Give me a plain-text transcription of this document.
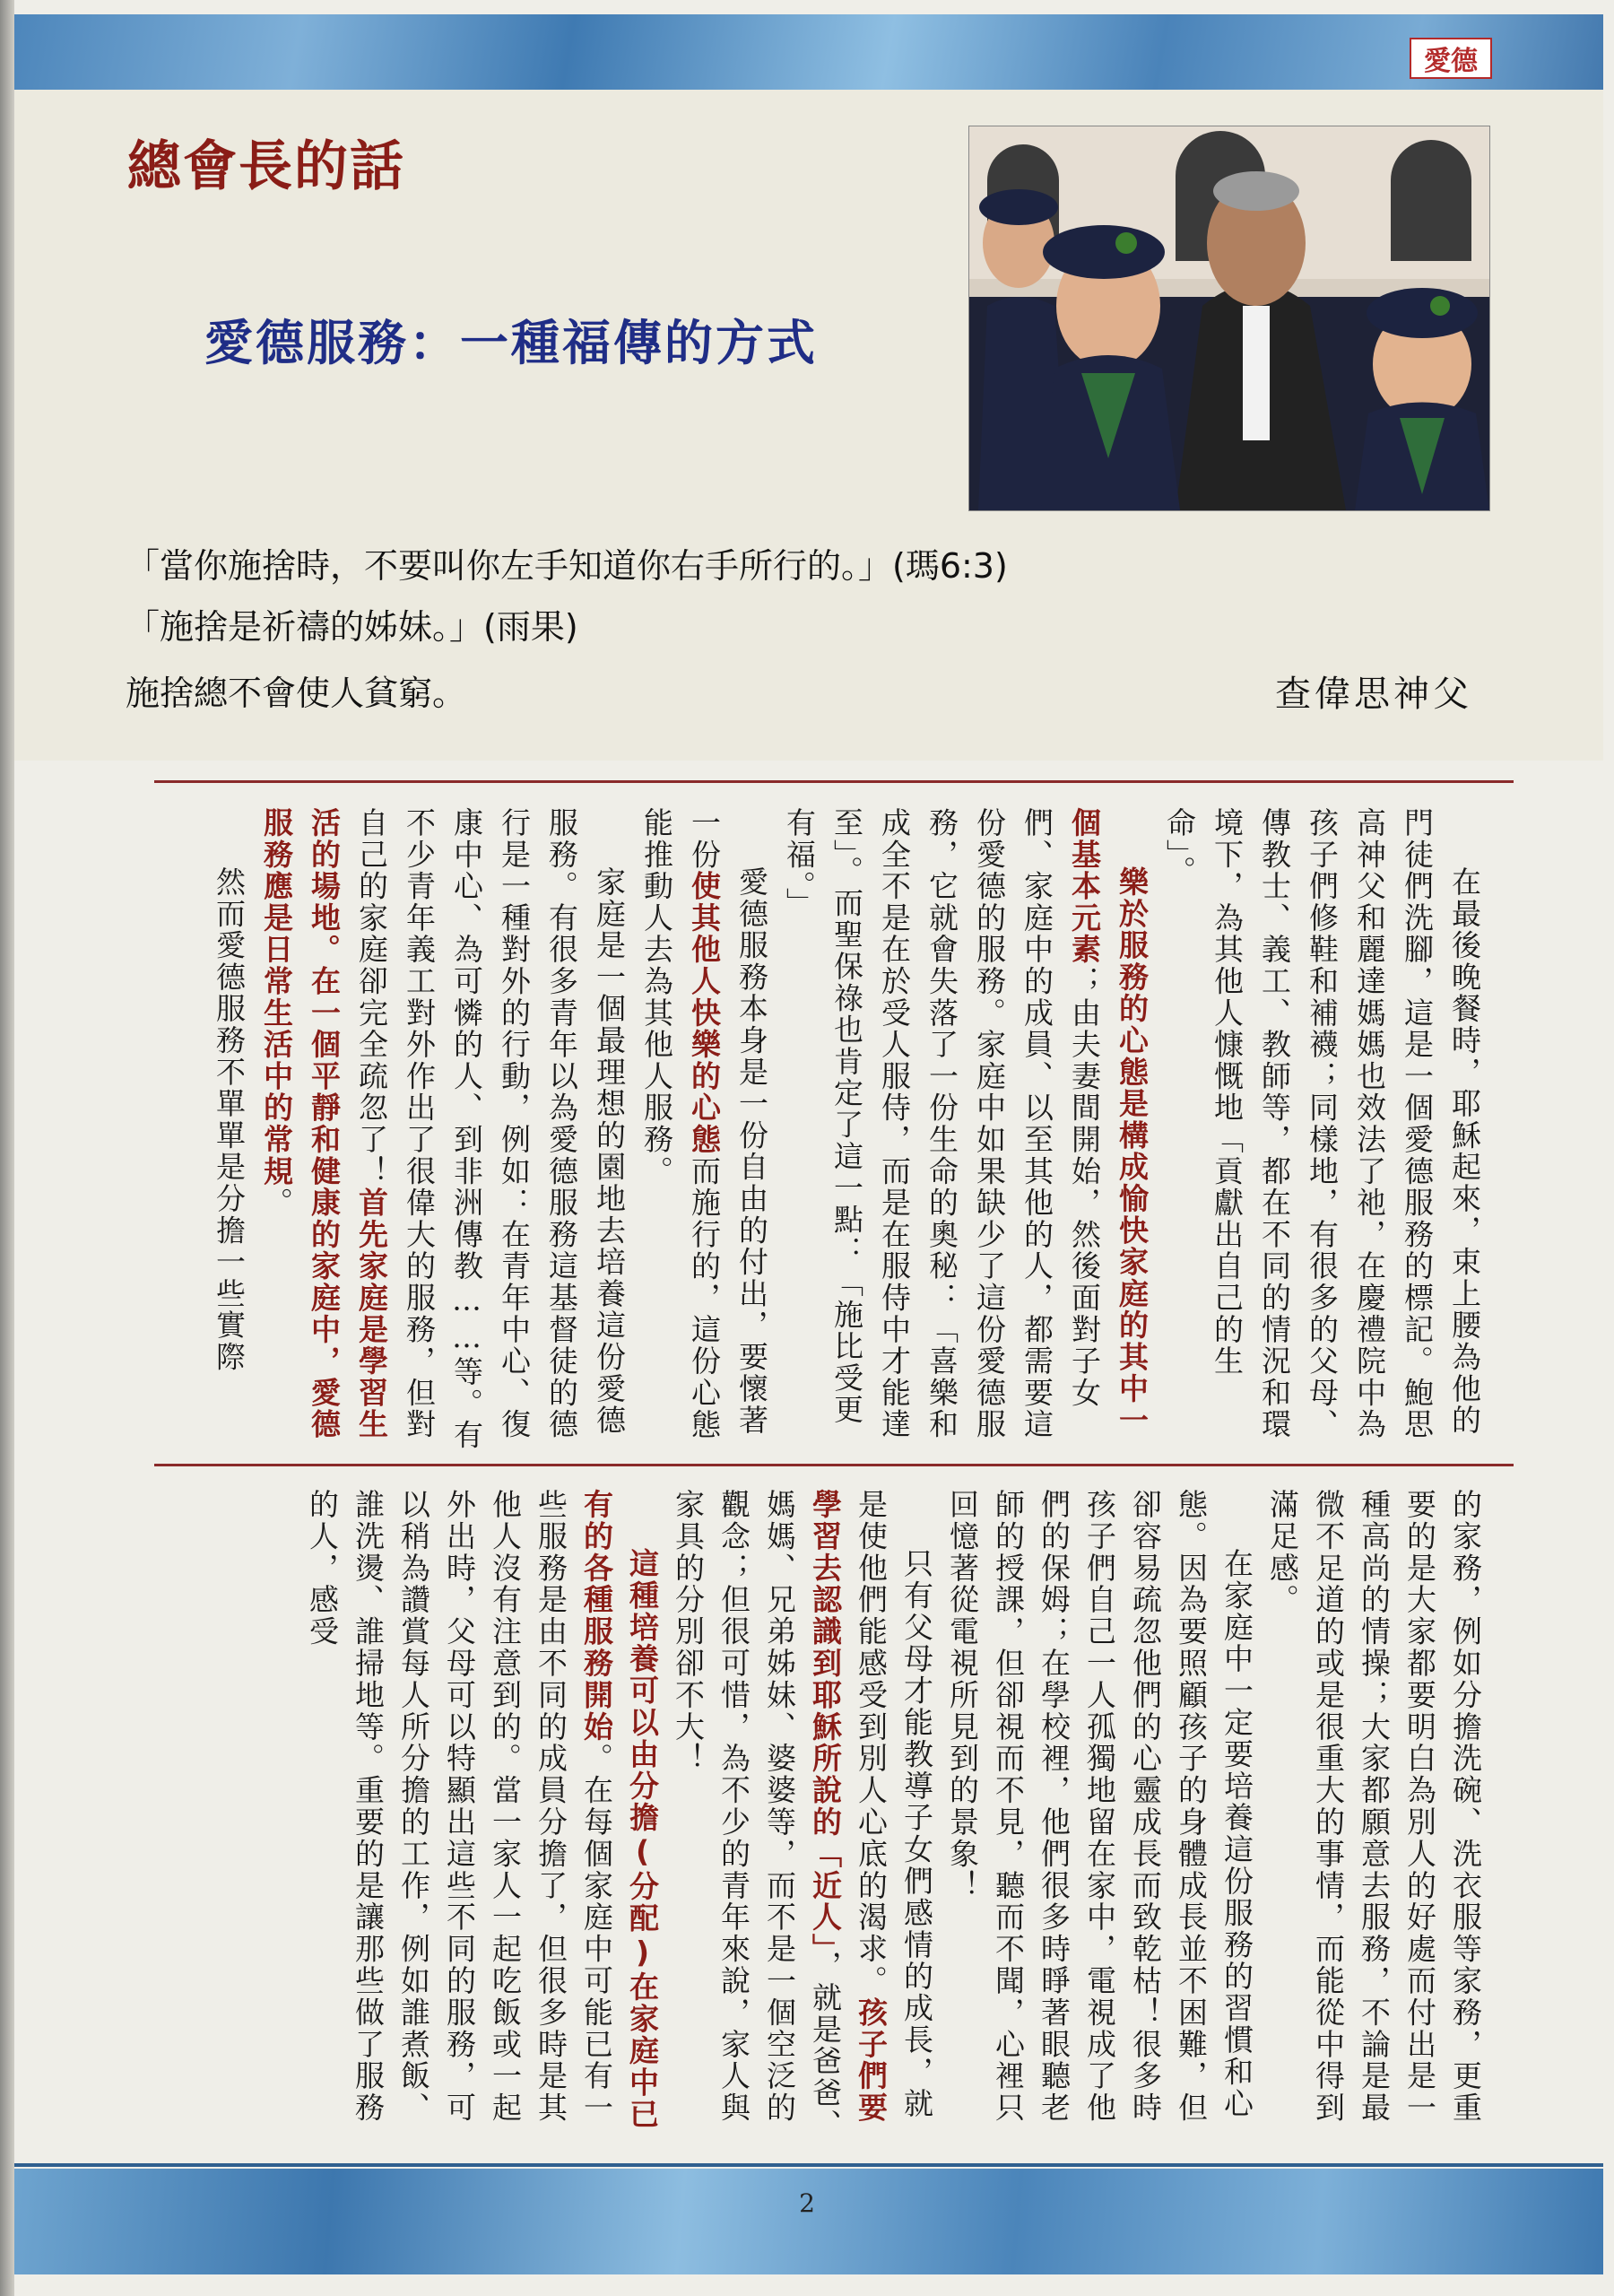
愛德
總會長的話
愛德服務：一種福傳的方式
「當你施捨時，不要叫你左手知道你右手所行的。」(瑪6:3)
「施捨是祈禱的姊妹。」(雨果)
施捨總不會使人貧窮。	查偉思神父

在最後晚餐時，耶穌起來，束上腰為他的門徒們洗腳，這是一個愛德服務的標記。鮑思高神父和麗達媽媽也效法了祂，在慶禮院中為孩子們修鞋和補襪；同樣地，有很多的父母、傳教士、義工、教師等，都在不同的情況和環境下，為其他人慷慨地「貢獻出自己的生命」。

樂於服務的心態是構成愉快家庭的其中一個基本元素；由夫妻間開始，然後面對子女們、家庭中的成員、以至其他的人，都需要這份愛德的服務。家庭中如果缺少了這份愛德服務，它就會失落了一份生命的奧秘：「喜樂和成全不是在於受人服侍，而是在服侍中才能達至」。而聖保祿也肯定了這一點：「施比受更有福。」

愛德服務本身是一份自由的付出，要懷著一份使其他人快樂的心態而施行的，這份心態能推動人去為其他人服務。

家庭是一個最理想的園地去培養這份愛德服務。有很多青年以為愛德服務這基督徒的德行是一種對外的行動，例如：在青年中心、復康中心、為可憐的人、到非洲傳教……等。有不少青年義工對外作出了很偉大的服務，但對自己的家庭卻完全疏忽了！首先家庭是學習生活的場地。在一個平靜和健康的家庭中，愛德服務應是日常生活中的常規。

然而愛德服務不單單是分擔一些實際

的家務，例如分擔洗碗、洗衣服等家務，更重要的是大家都要明白為別人的好處而付出是一種高尚的情操；大家都願意去服務，不論是最微不足道的或是很重大的事情，而能從中得到滿足感。

在家庭中一定要培養這份服務的習慣和心態。因為要照顧孩子的身體成長並不困難，但卻容易疏忽他們的心靈成長而致乾枯！很多時孩子們自己一人孤獨地留在家中，電視成了他們的保姆；在學校裡，他們很多時睜著眼聽老師的授課，但卻視而不見，聽而不聞，心裡只回憶著從電視所見到的景象！

只有父母才能教導子女們感情的成長，就是使他們能感受到別人心底的渴求。孩子們要學習去認識到耶穌所說的「近人」，就是爸爸、媽媽、兄弟姊妹、婆婆等，而不是一個空泛的觀念；但很可惜，為不少的青年來說，家人與家具的分別卻不大！

這種培養可以由分擔(分配)在家庭中已有的各種服務開始。在每個家庭中可能已有一些服務是由不同的成員分擔了，但很多時是其他人沒有注意到的。當一家人一起吃飯或一起外出時，父母可以特顯出這些不同的服務，可以稍為讚賞每人所分擔的工作，例如誰煮飯、誰洗燙、誰掃地等。重要的是讓那些做了服務的人，感受

2
